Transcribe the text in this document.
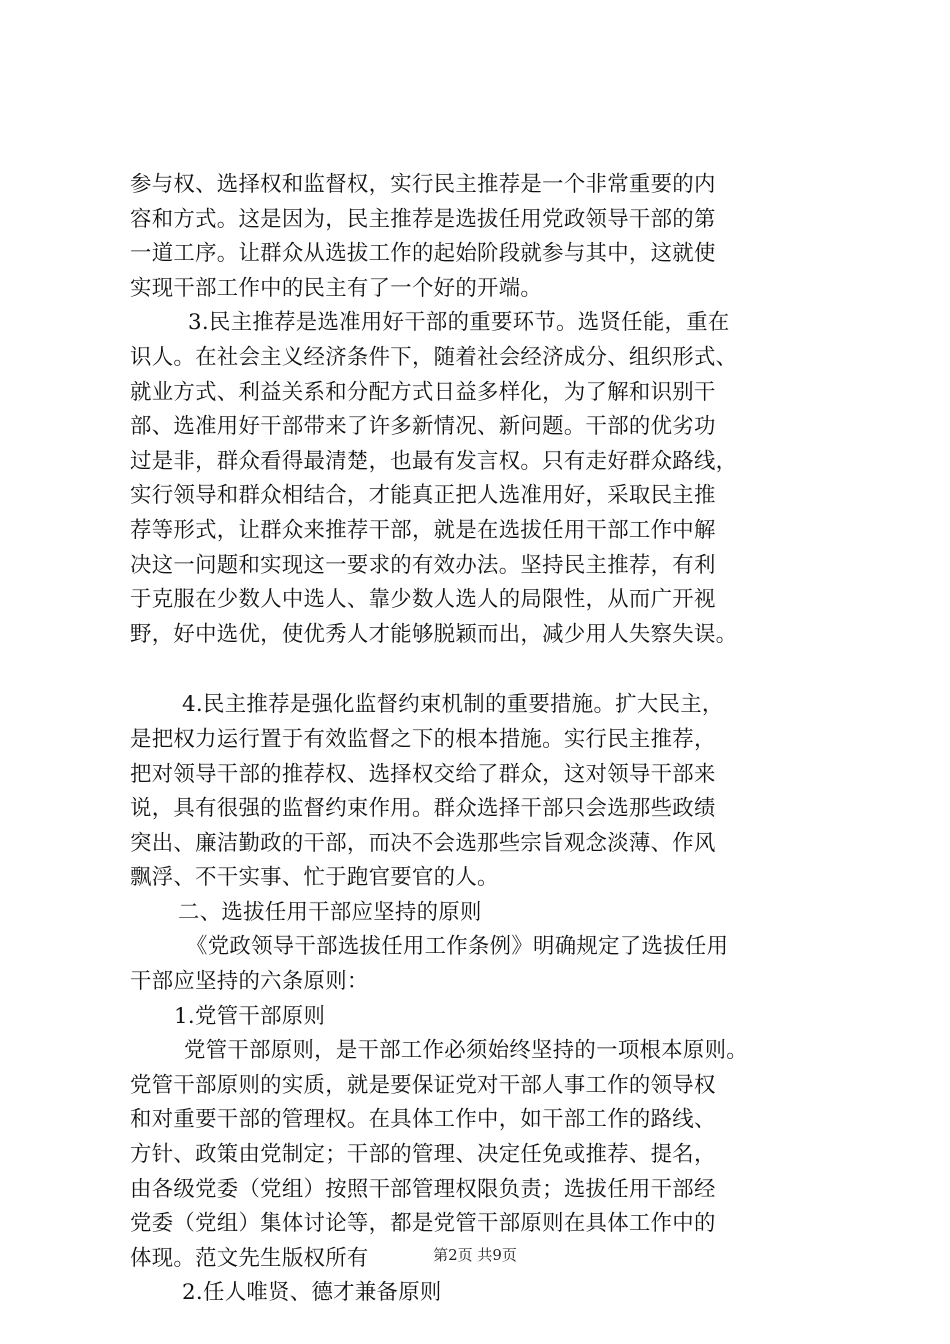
参与权、选择权和监督权，实行民主推荐是一个非常重要的内
容和方式。这是因为，民主推荐是选拔任用党政领导干部的第
一道工序。让群众从选拔工作的起始阶段就参与其中，这就使
实现干部工作中的民主有了一个好的开端。
3.民主推荐是选准用好干部的重要环节。选贤任能，重在
识人。在社会主义经济条件下，随着社会经济成分、组织形式、
就业方式、利益关系和分配方式日益多样化，为了解和识别干
部、选准用好干部带来了许多新情况、新问题。干部的优劣功
过是非，群众看得最清楚，也最有发言权。只有走好群众路线，
实行领导和群众相结合，才能真正把人选准用好，采取民主推
荐等形式，让群众来推荐干部，就是在选拔任用干部工作中解
决这一问题和实现这一要求的有效办法。坚持民主推荐，有利
于克服在少数人中选人、靠少数人选人的局限性，从而广开视
野，好中选优，使优秀人才能够脱颖而出，减少用人失察失误。
4.民主推荐是强化监督约束机制的重要措施。扩大民主，
是把权力运行置于有效监督之下的根本措施。实行民主推荐，
把对领导干部的推荐权、选择权交给了群众，这对领导干部来
说，具有很强的监督约束作用。群众选择干部只会选那些政绩
突出、廉洁勤政的干部，而决不会选那些宗旨观念淡薄、作风
飘浮、不干实事、忙于跑官要官的人。
二、选拔任用干部应坚持的原则
《党政领导干部选拔任用工作条例》明确规定了选拔任用
干部应坚持的六条原则：
1.党管干部原则
党管干部原则，是干部工作必须始终坚持的一项根本原则。
党管干部原则的实质，就是要保证党对干部人事工作的领导权
和对重要干部的管理权。在具体工作中，如干部工作的路线、
方针、政策由党制定；干部的管理、决定任免或推荐、提名，
由各级党委（党组）按照干部管理权限负责；选拔任用干部经
党委（党组）集体讨论等，都是党管干部原则在具体工作中的
体现。范文先生版权所有
2.任人唯贤、德才兼备原则
第2页 共9页
